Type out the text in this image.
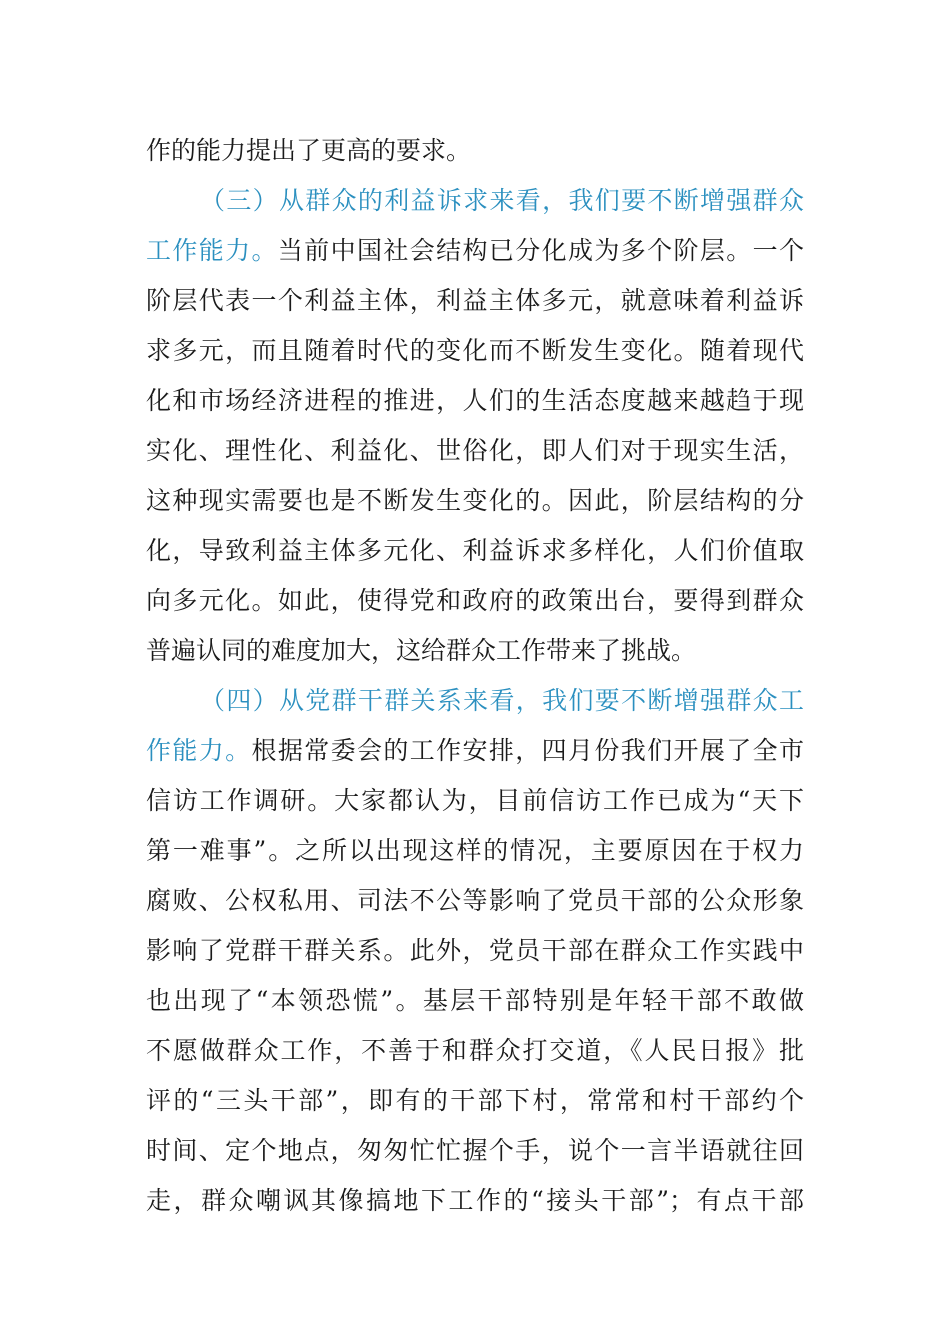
作的能力提出了更高的要求。
（三）从群众的利益诉求来看，我们要不断增强群众
工作能力。当前中国社会结构已分化成为多个阶层。一个
阶层代表一个利益主体，利益主体多元，就意味着利益诉
求多元，而且随着时代的变化而不断发生变化。随着现代
化和市场经济进程的推进，人们的生活态度越来越趋于现
实化、理性化、利益化、世俗化，即人们对于现实生活，
这种现实需要也是不断发生变化的。因此，阶层结构的分
化，导致利益主体多元化、利益诉求多样化，人们价值取
向多元化。如此，使得党和政府的政策出台，要得到群众
普遍认同的难度加大，这给群众工作带来了挑战。
（四）从党群干群关系来看，我们要不断增强群众工
作能力。根据常委会的工作安排，四月份我们开展了全市
信访工作调研。大家都认为，目前信访工作已成为“天下
第一难事”。之所以出现这样的情况，主要原因在于权力
腐败、公权私用、司法不公等影响了党员干部的公众形象
影响了党群干群关系。此外，党员干部在群众工作实践中
也出现了“本领恐慌”。基层干部特别是年轻干部不敢做
不愿做群众工作，不善于和群众打交道，《人民日报》批
评的“三头干部”，即有的干部下村，常常和村干部约个
时间、定个地点，匆匆忙忙握个手，说个一言半语就往回
走，群众嘲讽其像搞地下工作的“接头干部”；有点干部
